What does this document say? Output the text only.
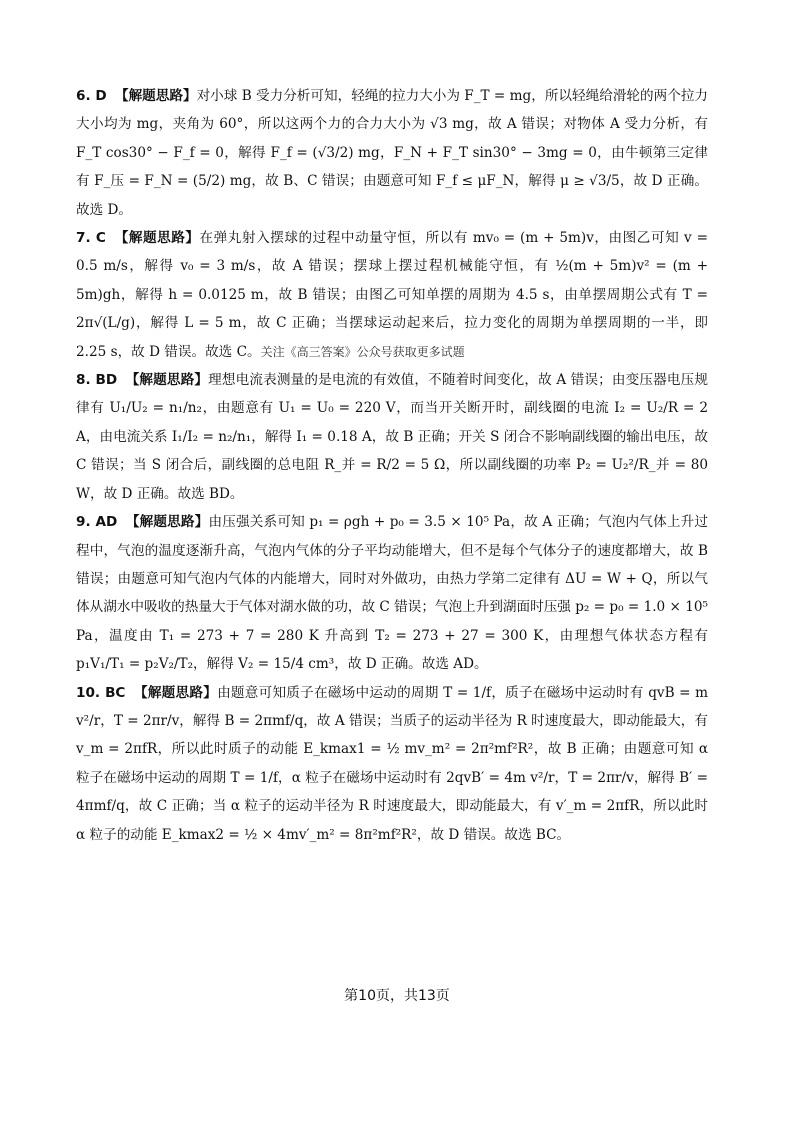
6. D 【解题思路】对小球 B 受力分析可知，轻绳的拉力大小为 F_T = mg，所以轻绳给滑轮的两个拉力大小均为 mg，夹角为 60°，所以这两个力的合力大小为 √3 mg，故 A 错误；对物体 A 受力分析，有 F_T cos30° − F_f = 0，解得 F_f = (√3/2) mg，F_N + F_T sin30° − 3mg = 0，由牛顿第三定律有 F_压 = F_N = (5/2) mg，故 B、C 错误；由题意可知 F_f ≤ μF_N，解得 μ ≥ √3/5，故 D 正确。故选 D。

7. C 【解题思路】在弹丸射入摆球的过程中动量守恒，所以有 mv₀ = (m + 5m)v，由图乙可知 v = 0.5 m/s，解得 v₀ = 3 m/s，故 A 错误；摆球上摆过程机械能守恒，有 ½(m + 5m)v² = (m + 5m)gh，解得 h = 0.0125 m，故 B 错误；由图乙可知单摆的周期为 4.5 s，由单摆周期公式有 T = 2π√(L/g)，解得 L = 5 m，故 C 正确；当摆球运动起来后，拉力变化的周期为单摆周期的一半，即 2.25 s，故 D 错误。故选 C。关注《高三答案》公众号获取更多试题

8. BD 【解题思路】理想电流表测量的是电流的有效值，不随着时间变化，故 A 错误；由变压器电压规律有 U₁/U₂ = n₁/n₂，由题意有 U₁ = U₀ = 220 V，而当开关断开时，副线圈的电流 I₂ = U₂/R = 2 A，由电流关系 I₁/I₂ = n₂/n₁，解得 I₁ = 0.18 A，故 B 正确；开关 S 闭合不影响副线圈的输出电压，故 C 错误；当 S 闭合后，副线圈的总电阻 R_并 = R/2 = 5 Ω，所以副线圈的功率 P₂ = U₂²/R_并 = 80 W，故 D 正确。故选 BD。

9. AD 【解题思路】由压强关系可知 p₁ = ρgh + p₀ = 3.5 × 10⁵ Pa，故 A 正确；气泡内气体上升过程中，气泡的温度逐渐升高，气泡内气体的分子平均动能增大，但不是每个气体分子的速度都增大，故 B 错误；由题意可知气泡内气体的内能增大，同时对外做功，由热力学第二定律有 ΔU = W + Q，所以气体从湖水中吸收的热量大于气体对湖水做的功，故 C 错误；气泡上升到湖面时压强 p₂ = p₀ = 1.0 × 10⁵ Pa，温度由 T₁ = 273 + 7 = 280 K 升高到 T₂ = 273 + 27 = 300 K，由理想气体状态方程有 p₁V₁/T₁ = p₂V₂/T₂，解得 V₂ = 15/4 cm³，故 D 正确。故选 AD。

10. BC 【解题思路】由题意可知质子在磁场中运动的周期 T = 1/f，质子在磁场中运动时有 qvB = m v²/r，T = 2πr/v，解得 B = 2πmf/q，故 A 错误；当质子的运动半径为 R 时速度最大，即动能最大，有 v_m = 2πfR，所以此时质子的动能 E_kmax1 = ½ mv_m² = 2π²mf²R²，故 B 正确；由题意可知 α 粒子在磁场中运动的周期 T = 1/f，α 粒子在磁场中运动时有 2qvB′ = 4m v²/r，T = 2πr/v，解得 B′ = 4πmf/q，故 C 正确；当 α 粒子的运动半径为 R 时速度最大，即动能最大，有 v′_m = 2πfR，所以此时 α 粒子的动能 E_kmax2 = ½ × 4mv′_m² = 8π²mf²R²，故 D 错误。故选 BC。

第10页，共13页
